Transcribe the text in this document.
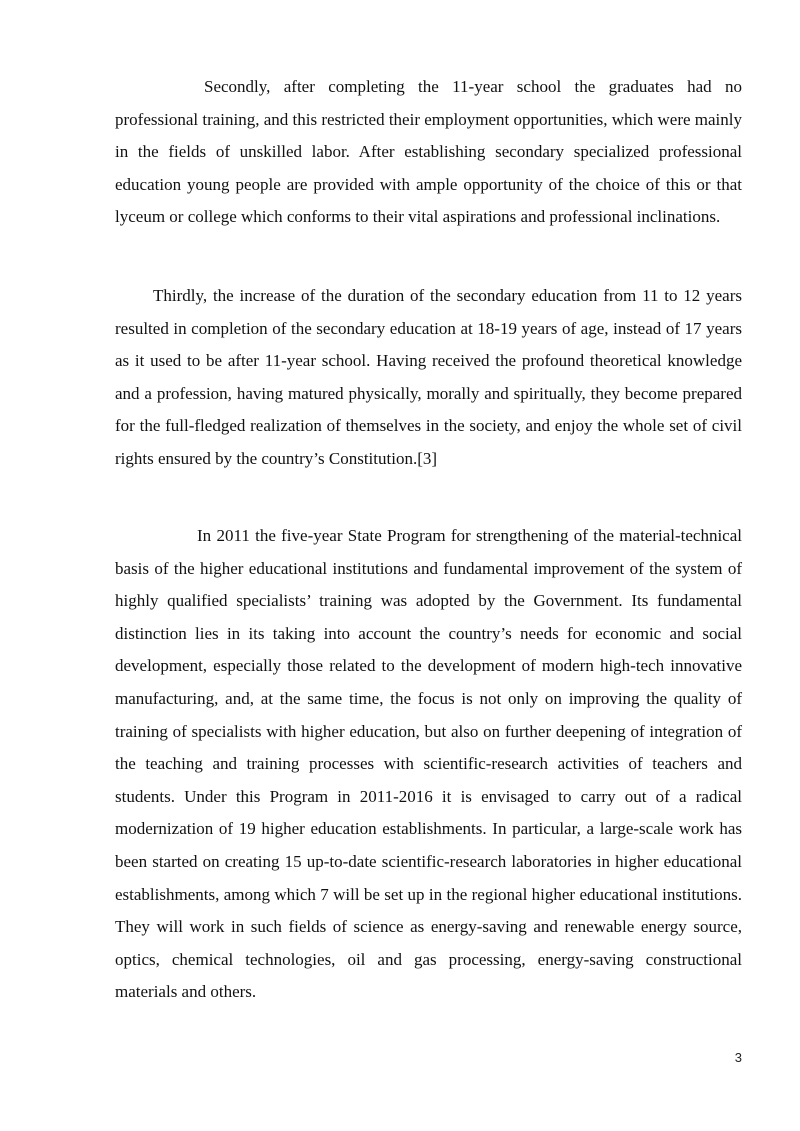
Secondly, after completing the 11-year school the graduates had no professional training, and this restricted their employment opportunities, which were mainly in the fields of unskilled labor. After establishing secondary specialized professional education young people are provided with ample opportunity of the choice of this or that lyceum or college which conforms to their vital aspirations and professional inclinations.

Thirdly, the increase of the duration of the secondary education from 11 to 12 years resulted in completion of the secondary education at 18-19 years of age, instead of 17 years as it used to be after 11-year school. Having received the profound theoretical knowledge and a profession, having matured physically, morally and spiritually, they become prepared for the full-fledged realization of themselves in the society, and enjoy the whole set of civil rights ensured by the country’s Constitution.[3]

In 2011 the five-year State Program for strengthening of the material-technical basis of the higher educational institutions and fundamental improvement of the system of highly qualified specialists’ training was adopted by the Government. Its fundamental distinction lies in its taking into account the country’s needs for economic and social development, especially those related to the development of modern high-tech innovative manufacturing, and, at the same time, the focus is not only on improving the quality of training of specialists with higher education, but also on further deepening of integration of the teaching and training processes with scientific-research activities of teachers and students. Under this Program in 2011-2016 it is envisaged to carry out of a radical modernization of 19 higher education establishments. In particular, a large-scale work has been started on creating 15 up-to-date scientific-research laboratories in higher educational establishments, among which 7 will be set up in the regional higher educational institutions. They will work in such fields of science as energy-saving and renewable energy source, optics, chemical technologies, oil and gas processing, energy-saving constructional materials and others.

3
